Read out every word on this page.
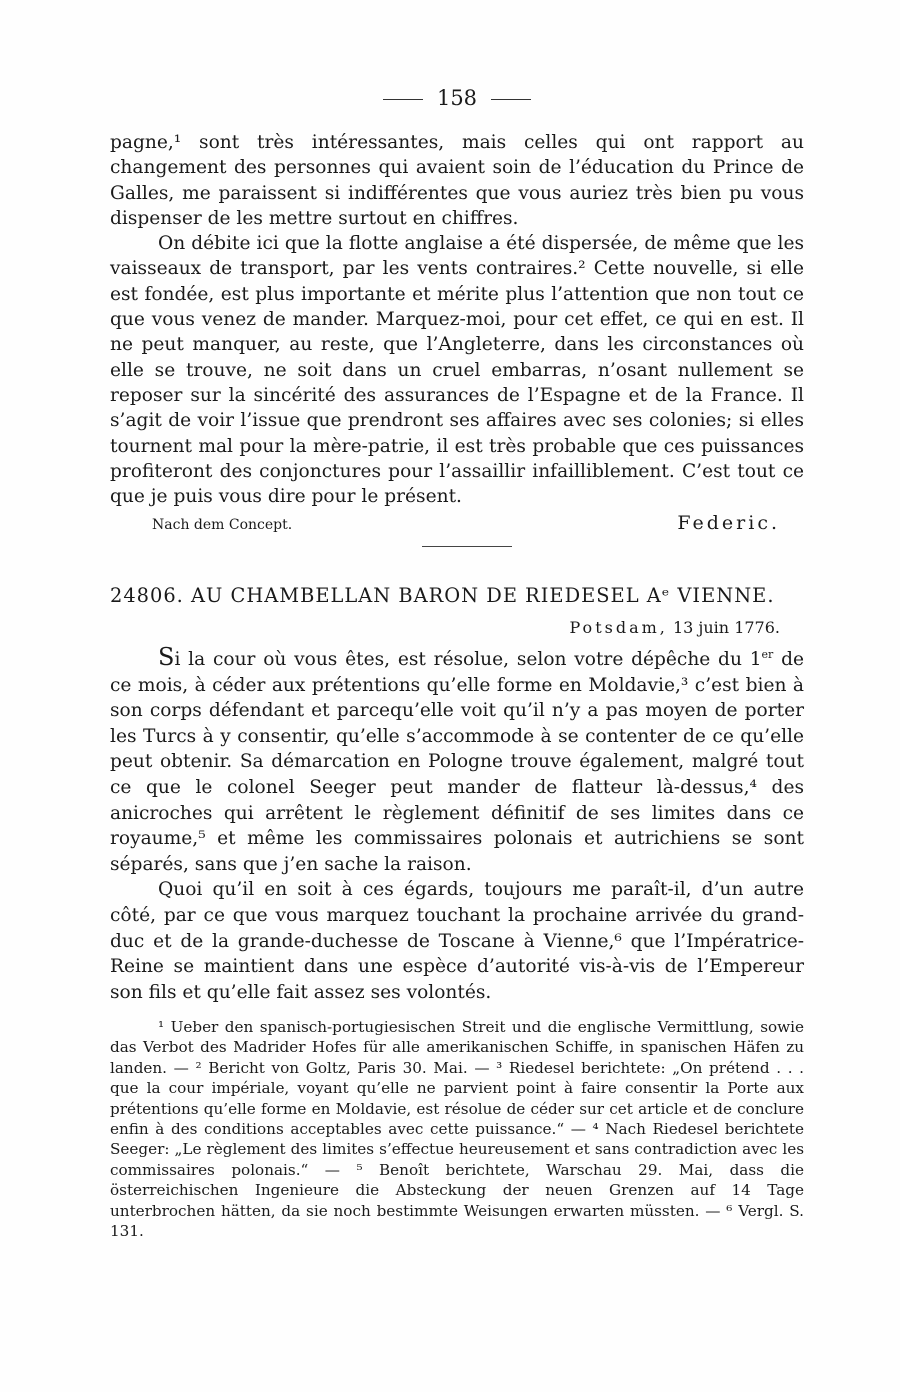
158

pagne,¹ sont très intéressantes, mais celles qui ont rapport au changement des personnes qui avaient soin de l’éducation du Prince de Galles, me paraissent si indifférentes que vous auriez très bien pu vous dispenser de les mettre surtout en chiffres.

On débite ici que la flotte anglaise a été dispersée, de même que les vaisseaux de transport, par les vents contraires.² Cette nouvelle, si elle est fondée, est plus importante et mérite plus l’attention que non tout ce que vous venez de mander. Marquez-moi, pour cet effet, ce qui en est. Il ne peut manquer, au reste, que l’Angleterre, dans les circonstances où elle se trouve, ne soit dans un cruel embarras, n’osant nullement se reposer sur la sincérité des assurances de l’Espagne et de la France. Il s’agit de voir l’issue que prendront ses affaires avec ses colonies; si elles tournent mal pour la mère-patrie, il est très probable que ces puissances profiteront des conjonctures pour l’assaillir infailliblement. C’est tout ce que je puis vous dire pour le présent.

Nach dem Concept.	Federic.
24806. AU CHAMBELLAN BARON DE RIEDESEL Aᵉ VIENNE.
Potsdam, 13 juin 1776.

Si la cour où vous êtes, est résolue, selon votre dépêche du 1er de ce mois, à céder aux prétentions qu’elle forme en Moldavie,³ c’est bien à son corps défendant et parcequ’elle voit qu’il n’y a pas moyen de porter les Turcs à y consentir, qu’elle s’accommode à se contenter de ce qu’elle peut obtenir. Sa démarcation en Pologne trouve également, malgré tout ce que le colonel Seeger peut mander de flatteur là-dessus,⁴ des anicroches qui arrêtent le règlement définitif de ses limites dans ce royaume,⁵ et même les commissaires polonais et autrichiens se sont séparés, sans que j’en sache la raison.

Quoi qu’il en soit à ces égards, toujours me paraît-il, d’un autre côté, par ce que vous marquez touchant la prochaine arrivée du grand-duc et de la grande-duchesse de Toscane à Vienne,⁶ que l’Impératrice-Reine se maintient dans une espèce d’autorité vis-à-vis de l’Empereur son fils et qu’elle fait assez ses volontés.

¹ Ueber den spanisch-portugiesischen Streit und die englische Vermittlung, sowie das Verbot des Madrider Hofes für alle amerikanischen Schiffe, in spanischen Häfen zu landen. — ² Bericht von Goltz, Paris 30. Mai. — ³ Riedesel berichtete: „On prétend . . . que la cour impériale, voyant qu’elle ne parvient point à faire consentir la Porte aux prétentions qu’elle forme en Moldavie, est résolue de céder sur cet article et de conclure enfin à des conditions acceptables avec cette puissance.“ — ⁴ Nach Riedesel berichtete Seeger: „Le règlement des limites s’effectue heureusement et sans contradiction avec les commissaires polonais.“ — ⁵ Benoît berichtete, Warschau 29. Mai, dass die österreichischen Ingenieure die Absteckung der neuen Grenzen auf 14 Tage unterbrochen hätten, da sie noch bestimmte Weisungen erwarten müssten. — ⁶ Vergl. S. 131.
